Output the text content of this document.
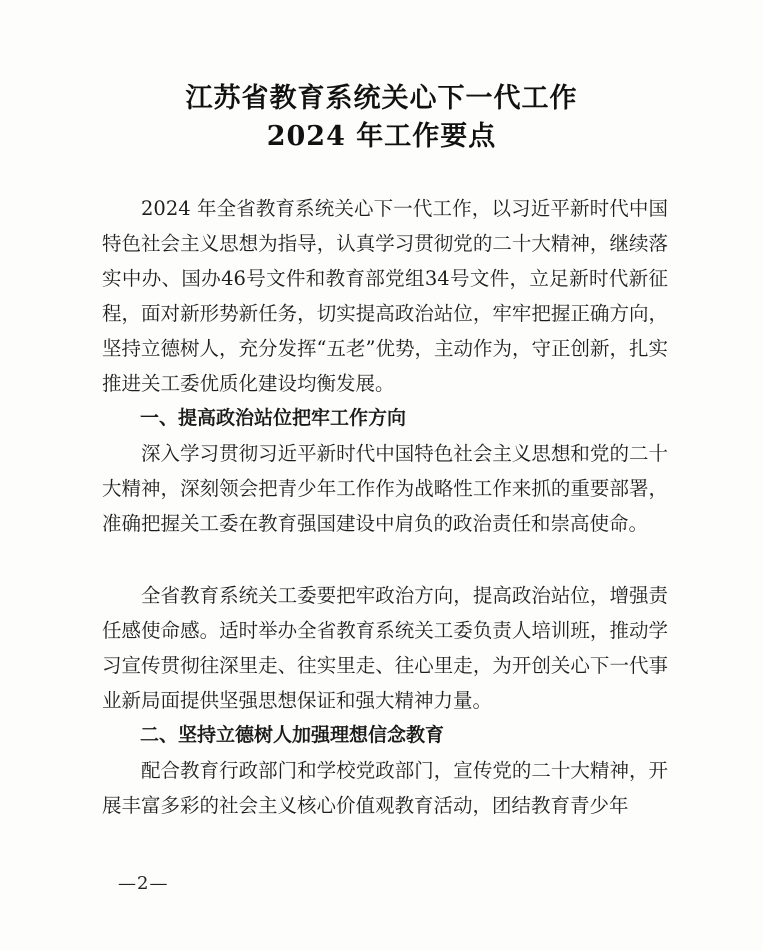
江苏省教育系统关心下一代工作
2024 年工作要点

2024 年全省教育系统关心下一代工作，以习近平新时代中国特色社会主义思想为指导，认真学习贯彻党的二十大精神，继续落实中办、国办46号文件和教育部党组34号文件，立足新时代新征程，面对新形势新任务，切实提高政治站位，牢牢把握正确方向，坚持立德树人，充分发挥“五老”优势，主动作为，守正创新，扎实推进关工委优质化建设均衡发展。

一、提高政治站位把牢工作方向

深入学习贯彻习近平新时代中国特色社会主义思想和党的二十大精神，深刻领会把青少年工作作为战略性工作来抓的重要部署，准确把握关工委在教育强国建设中肩负的政治责任和崇高使命。

全省教育系统关工委要把牢政治方向，提高政治站位，增强责任感使命感。适时举办全省教育系统关工委负责人培训班，推动学习宣传贯彻往深里走、往实里走、往心里走，为开创关心下一代事业新局面提供坚强思想保证和强大精神力量。

二、坚持立德树人加强理想信念教育

配合教育行政部门和学校党政部门，宣传党的二十大精神，开展丰富多彩的社会主义核心价值观教育活动，团结教育青少年

—2—
